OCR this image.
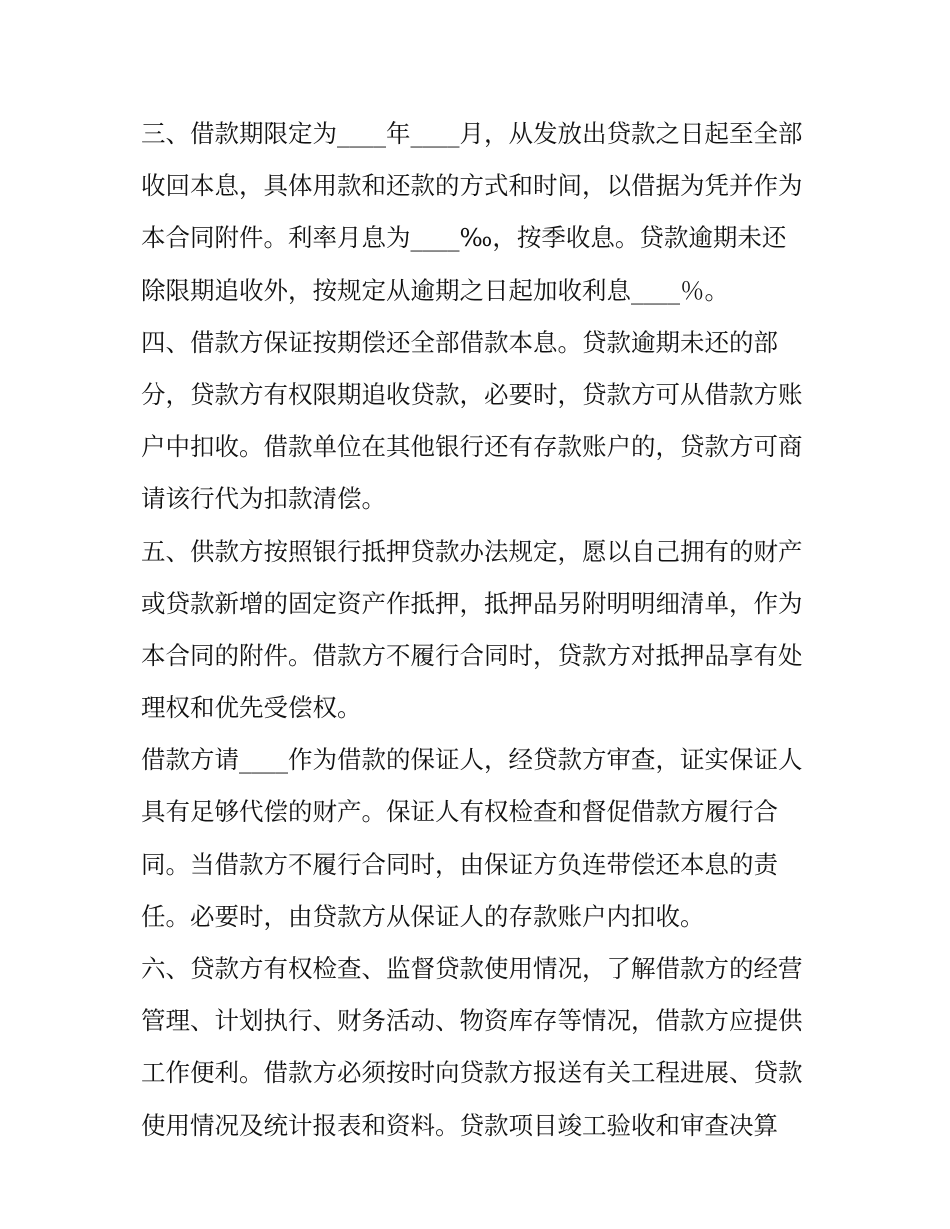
三、借款期限定为____年____月，从发放出贷款之日起至全部
收回本息，具体用款和还款的方式和时间，以借据为凭并作为
本合同附件。利率月息为____‰，按季收息。贷款逾期未还
除限期追收外，按规定从逾期之日起加收利息____％。
四、借款方保证按期偿还全部借款本息。贷款逾期未还的部
分，贷款方有权限期追收贷款，必要时，贷款方可从借款方账
户中扣收。借款单位在其他银行还有存款账户的，贷款方可商
请该行代为扣款清偿。
五、供款方按照银行抵押贷款办法规定，愿以自己拥有的财产
或贷款新增的固定资产作抵押，抵押品另附明明细清单，作为
本合同的附件。借款方不履行合同时，贷款方对抵押品享有处
理权和优先受偿权。
借款方请____作为借款的保证人，经贷款方审查，证实保证人
具有足够代偿的财产。保证人有权检查和督促借款方履行合
同。当借款方不履行合同时，由保证方负连带偿还本息的责
任。必要时，由贷款方从保证人的存款账户内扣收。
六、贷款方有权检查、监督贷款使用情况，了解借款方的经营
管理、计划执行、财务活动、物资库存等情况，借款方应提供
工作便利。借款方必须按时向贷款方报送有关工程进展、贷款
使用情况及统计报表和资料。贷款项目竣工验收和审查决算
